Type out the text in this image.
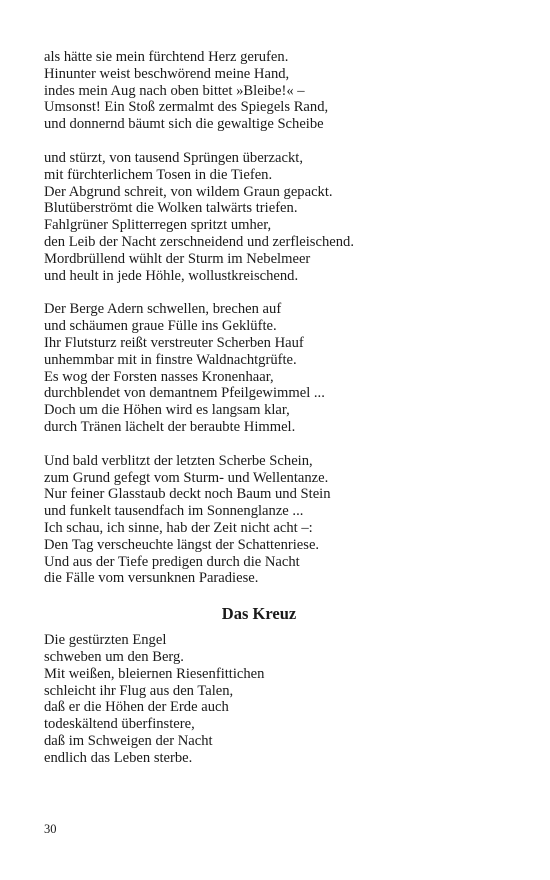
als hätte sie mein fürchtend Herz gerufen.
Hinunter weist beschwörend meine Hand,
indes mein Aug nach oben bittet »Bleibe!« –
Umsonst! Ein Stoß zermalmt des Spiegels Rand,
und donnernd bäumt sich die gewaltige Scheibe
und stürzt, von tausend Sprüngen überzackt,
mit fürchterlichem Tosen in die Tiefen.
Der Abgrund schreit, von wildem Graun gepackt.
Blutüberströmt die Wolken talwärts triefen.
Fahlgrüner Splitterregen spritzt umher,
den Leib der Nacht zerschneidend und zerfleischend.
Mordbrüllend wühlt der Sturm im Nebelmeer
und heult in jede Höhle, wollustkreischend.
Der Berge Adern schwellen, brechen auf
und schäumen graue Fülle ins Geklüfte.
Ihr Flutsturz reißt verstreuter Scherben Hauf
unhemmbar mit in finstre Waldnachtgrüfte.
Es wog der Forsten nasses Kronenhaar,
durchblendet von demantnem Pfeilgewimmel ...
Doch um die Höhen wird es langsam klar,
durch Tränen lächelt der beraubte Himmel.
Und bald verblitzt der letzten Scherbe Schein,
zum Grund gefegt vom Sturm- und Wellentanze.
Nur feiner Glasstaub deckt noch Baum und Stein
und funkelt tausendfach im Sonnenglanze ...
Ich schau, ich sinne, hab der Zeit nicht acht –:
Den Tag verscheuchte längst der Schattenriese.
Und aus der Tiefe predigen durch die Nacht
die Fälle vom versunknen Paradiese.
Das Kreuz
Die gestürzten Engel
schweben um den Berg.
Mit weißen, bleiernen Riesenfittichen
schleicht ihr Flug aus den Talen,
daß er die Höhen der Erde auch
todeskältend überfinstere,
daß im Schweigen der Nacht
endlich das Leben sterbe.
30
